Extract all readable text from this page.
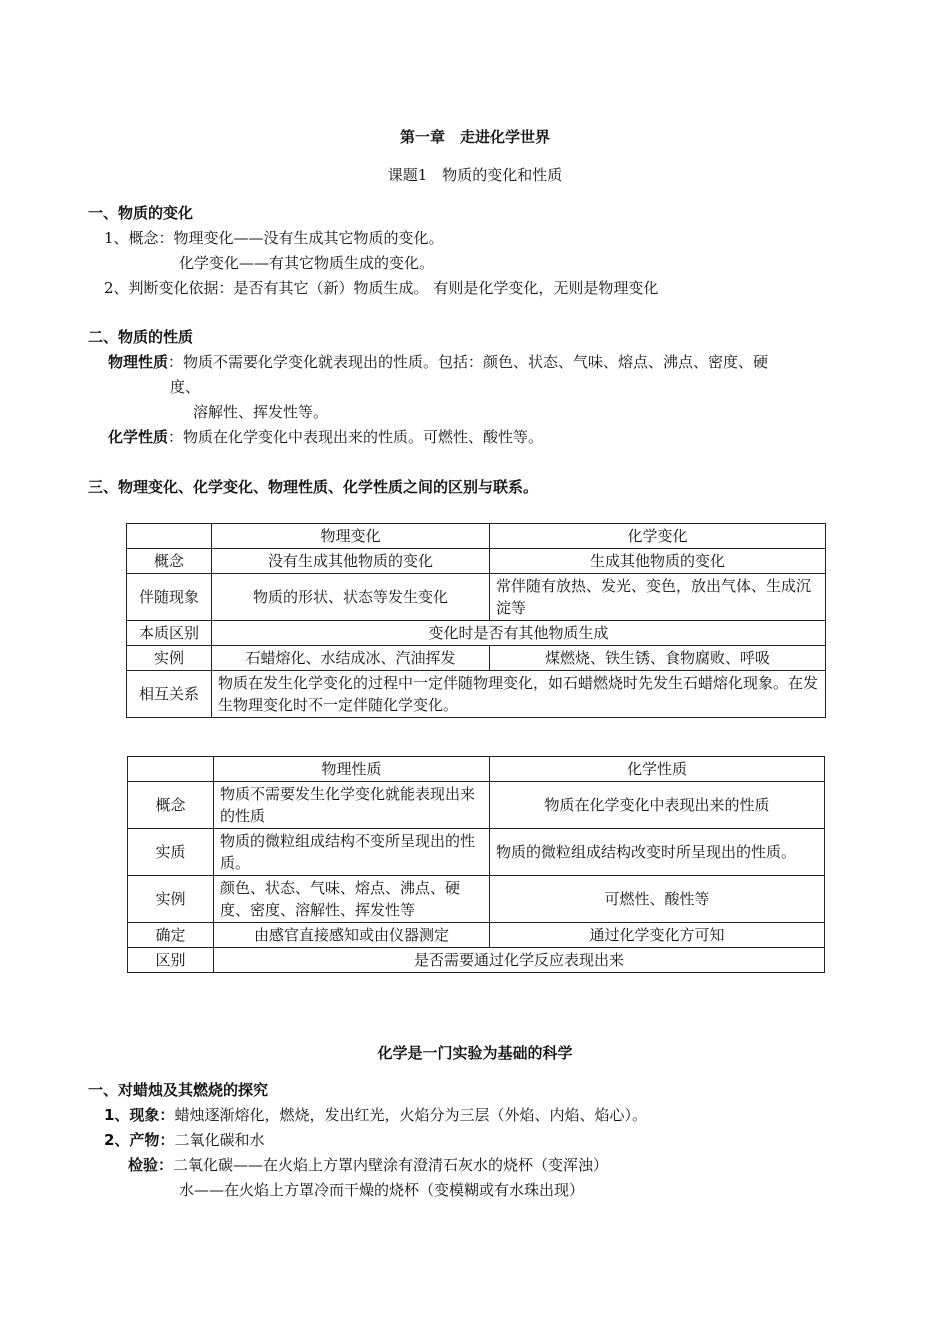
第一章　走进化学世界
课题1　物质的变化和性质
一、物质的变化
1、概念：物理变化——没有生成其它物质的变化。
化学变化——有其它物质生成的变化。
2、判断变化依据：是否有其它（新）物质生成。 有则是化学变化，无则是物理变化
二、物质的性质
物理性质：物质不需要化学变化就表现出的性质。包括：颜色、状态、气味、熔点、沸点、密度、硬
度、
溶解性、挥发性等。
化学性质：物质在化学变化中表现出来的性质。可燃性、酸性等。
三、物理变化、化学变化、物理性质、化学性质之间的区别与联系。
	物理变化	化学变化
概念	没有生成其他物质的变化	生成其他物质的变化
伴随现象	物质的形状、状态等发生变化	常伴随有放热、发光、变色，放出气体、生成沉淀等
本质区别	变化时是否有其他物质生成	
实例	石蜡熔化、水结成冰、汽油挥发	煤燃烧、铁生锈、食物腐败、呼吸
相互关系	物质在发生化学变化的过程中一定伴随物理变化，如石蜡燃烧时先发生石蜡熔化现象。在发生物理变化时不一定伴随化学变化。	
	物理性质	化学性质
概念	物质不需要发生化学变化就能表现出来的性质	物质在化学变化中表现出来的性质
实质	物质的微粒组成结构不变所呈现出的性质。	物质的微粒组成结构改变时所呈现出的性质。
实例	颜色、状态、气味、熔点、沸点、硬度、密度、溶解性、挥发性等	可燃性、酸性等
确定	由感官直接感知或由仪器测定	通过化学变化方可知
区别	是否需要通过化学反应表现出来	
化学是一门实验为基础的科学
一、对蜡烛及其燃烧的探究
1、现象：蜡烛逐渐熔化，燃烧，发出红光，火焰分为三层（外焰、内焰、焰心）。
2、产物：二氧化碳和水
检验：二氧化碳——在火焰上方罩内壁涂有澄清石灰水的烧杯（变浑浊）
水——在火焰上方罩冷而干燥的烧杯（变模糊或有水珠出现）
